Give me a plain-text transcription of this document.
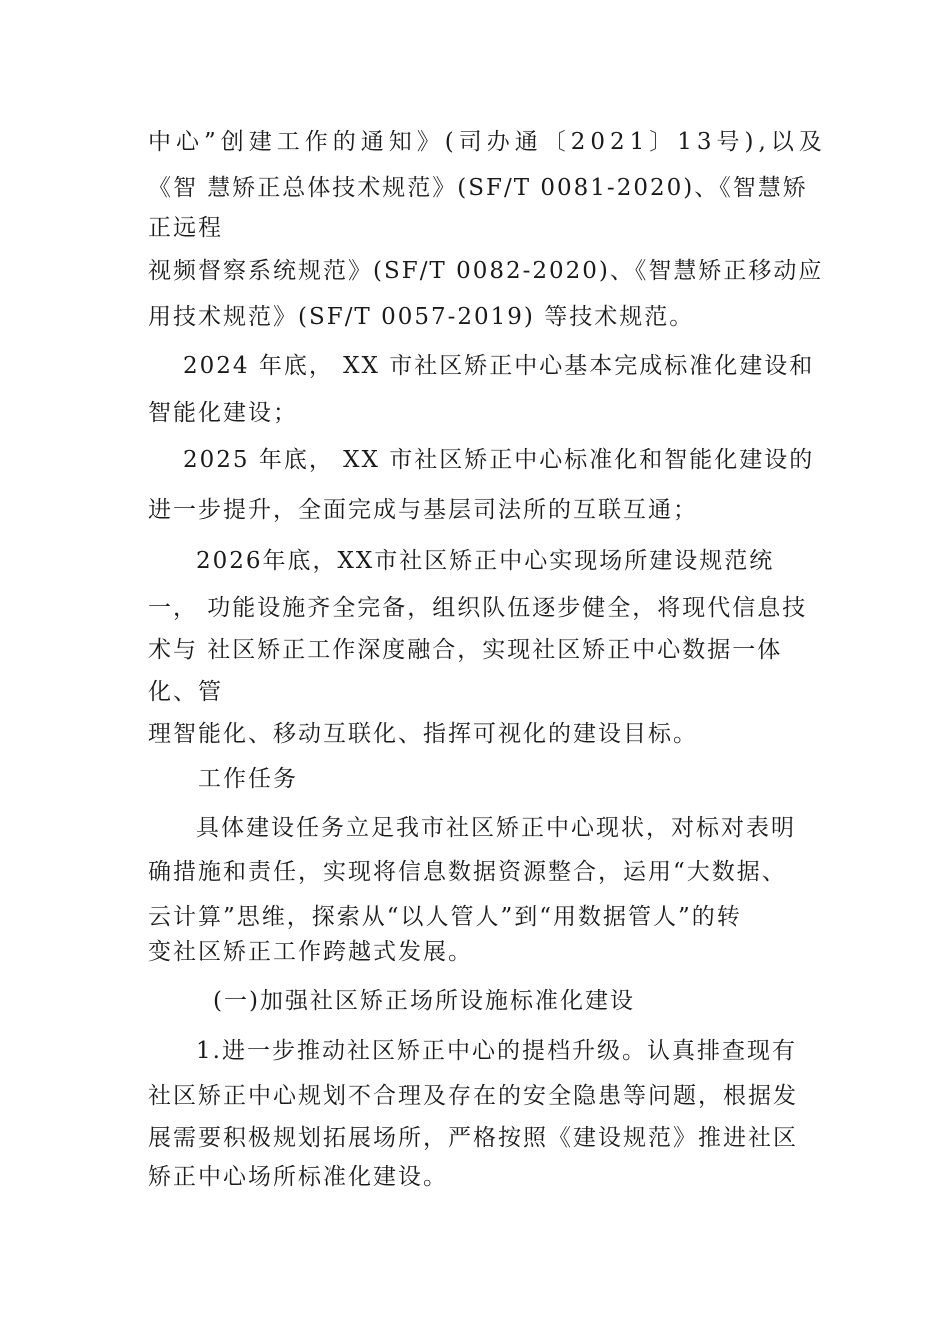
中心”创建工作的通知》(司办通〔2021〕13号),以及
《智 慧矫正总体技术规范》(SF/T 0081-2020)、《智慧矫
正远程
视频督察系统规范》(SF/T 0082-2020)、《智慧矫正移动应
用技术规范》(SF/T 0057-2019) 等技术规范。
2024 年底， XX 市社区矫正中心基本完成标准化建设和
智能化建设；
2025 年底， XX 市社区矫正中心标准化和智能化建设的
进一步提升，全面完成与基层司法所的互联互通；
2026年底，XX市社区矫正中心实现场所建设规范统
一， 功能设施齐全完备，组织队伍逐步健全，将现代信息技
术与 社区矫正工作深度融合，实现社区矫正中心数据一体
化、管
理智能化、移动互联化、指挥可视化的建设目标。
工作任务
具体建设任务立足我市社区矫正中心现状，对标对表明
确措施和责任，实现将信息数据资源整合，运用“大数据、
云计算”思维，探索从“以人管人”到“用数据管人”的转
变社区矫正工作跨越式发展。
(一)加强社区矫正场所设施标准化建设
1.进一步推动社区矫正中心的提档升级。认真排查现有
社区矫正中心规划不合理及存在的安全隐患等问题，根据发
展需要积极规划拓展场所，严格按照《建设规范》推进社区
矫正中心场所标准化建设。
